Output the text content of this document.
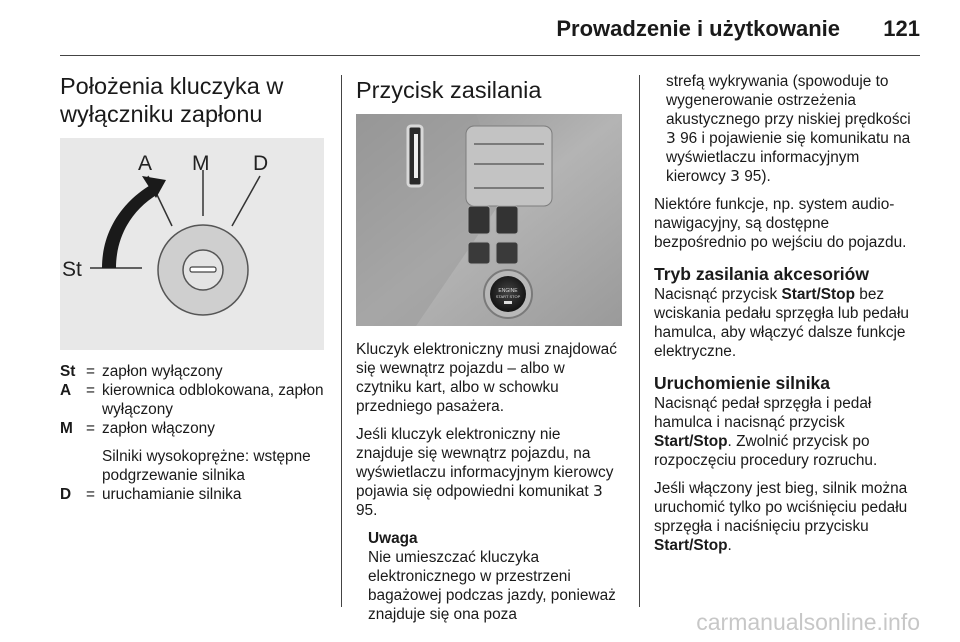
Prowadzenie i użytkowanie 121
Położenia kluczyka w wyłączniku zapłonu
A M D
St
St = zapłon wyłączony
A = kierownica odblokowana, zapłon wyłączony
M = zapłon włączony
Silniki wysokoprężne: wstępne podgrzewanie silnika
D = uruchamianie silnika
Przycisk zasilania
ENGINE
START STOP

Kluczyk elektroniczny musi znajdować się wewnątrz pojazdu – albo w czytniku kart, albo w schowku przedniego pasażera.

Jeśli kluczyk elektroniczny nie znajduje się wewnątrz pojazdu, na wyświetlaczu informacyjnym kierowcy pojawia się odpowiedni komunikat 3 95.

Uwaga
Nie umieszczać kluczyka elektronicznego w przestrzeni bagażowej podczas jazdy, ponieważ znajduje się ona poza

strefą wykrywania (spowoduje to wygenerowanie ostrzeżenia akustycznego przy niskiej prędkości 3 96 i pojawienie się komunikatu na wyświetlaczu informacyjnym kierowcy 3 95).

Niektóre funkcje, np. system audio-nawigacyjny, są dostępne bezpośrednio po wejściu do pojazdu.

Tryb zasilania akcesoriów

Nacisnąć przycisk Start/Stop bez wciskania pedału sprzęgła lub pedału hamulca, aby włączyć dalsze funkcje elektryczne.

Uruchomienie silnika

Nacisnąć pedał sprzęgła i pedał hamulca i nacisnąć przycisk Start/Stop. Zwolnić przycisk po rozpoczęciu procedury rozruchu.

Jeśli włączony jest bieg, silnik można uruchomić tylko po wciśnięciu pedału sprzęgła i naciśnięciu przycisku Start/Stop.

carmanualsonline.info
